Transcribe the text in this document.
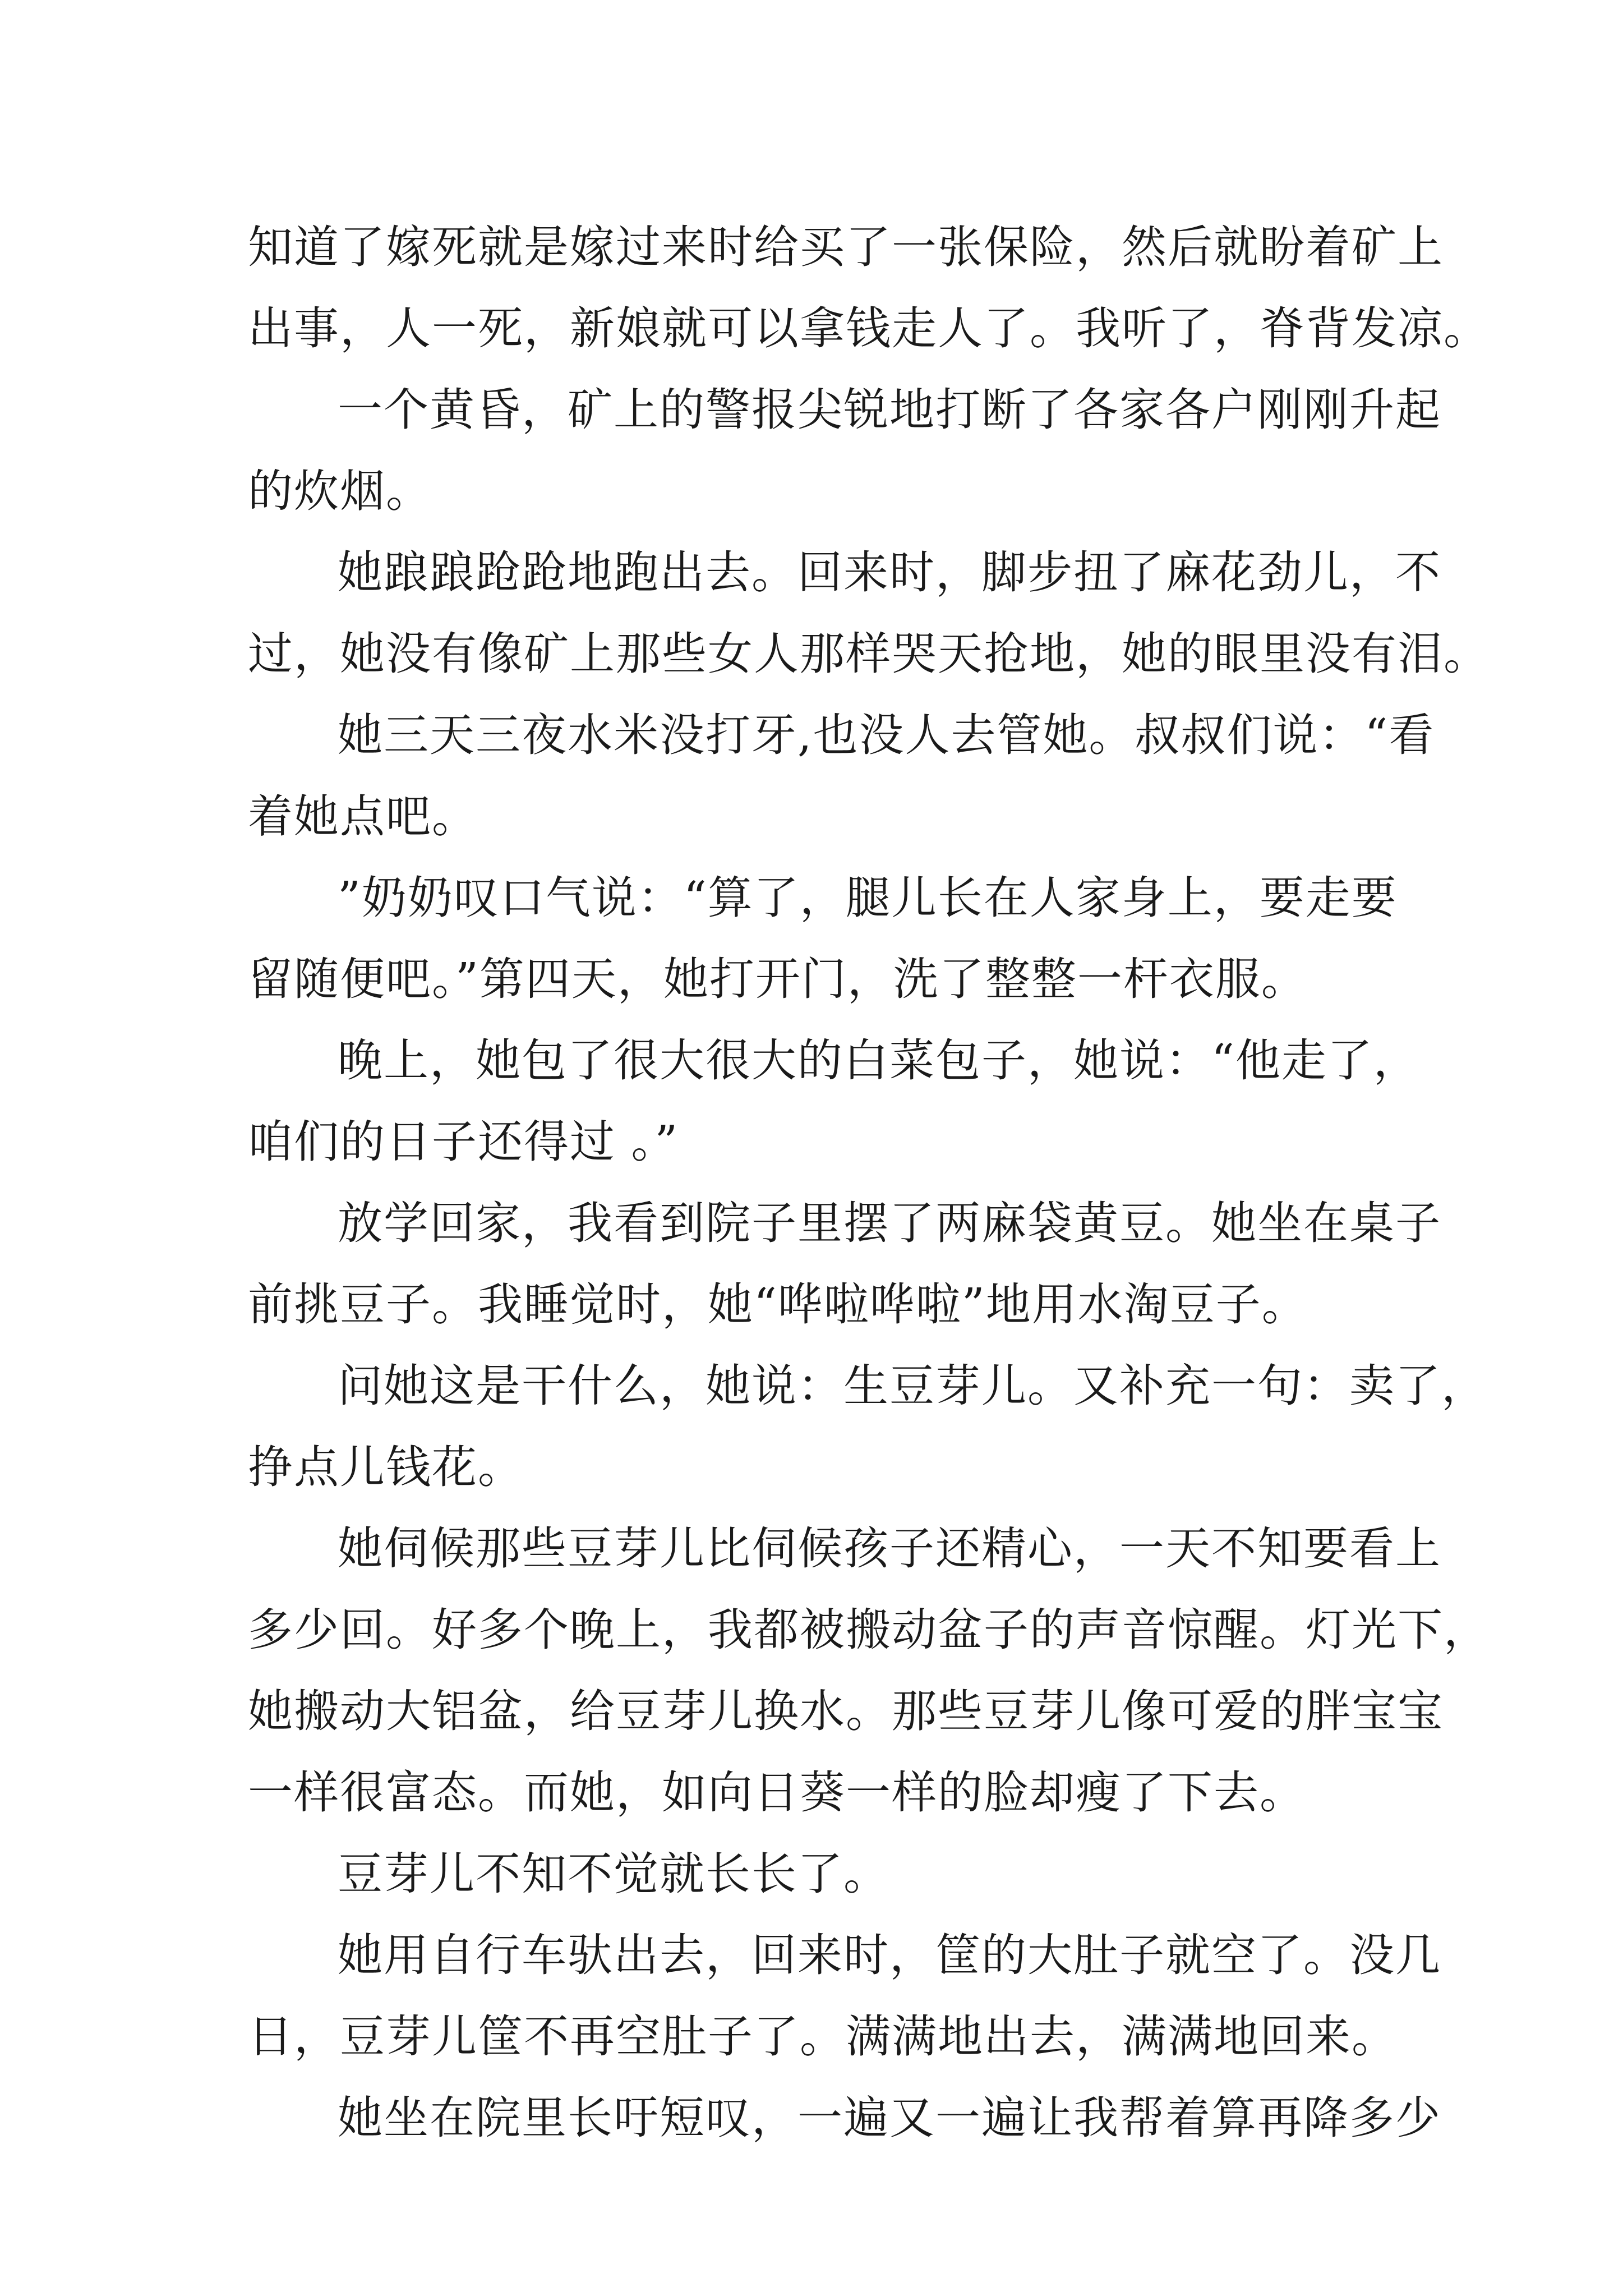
知道了嫁死就是嫁过来时给买了一张保险，然后就盼着矿上
出事，人一死，新娘就可以拿钱走人了。我听了，脊背发凉。
一个黄昏，矿上的警报尖锐地打断了各家各户刚刚升起
的炊烟。
她踉踉跄跄地跑出去。回来时，脚步扭了麻花劲儿，不
过，她没有像矿上那些女人那样哭天抢地，她的眼里没有泪。
她三天三夜水米没打牙,也没人去管她。叔叔们说：“看
着她点吧。
”奶奶叹口气说：“算了，腿儿长在人家身上，要走要
留随便吧。”第四天，她打开门，洗了整整一杆衣服。
晚上，她包了很大很大的白菜包子，她说：“他走了，
咱们的日子还得过 。”
放学回家，我看到院子里摆了两麻袋黄豆。她坐在桌子
前挑豆子。我睡觉时，她“哗啦哗啦”地用水淘豆子。
问她这是干什么，她说：生豆芽儿。又补充一句：卖了，
挣点儿钱花。
她伺候那些豆芽儿比伺候孩子还精心，一天不知要看上
多少回。好多个晚上，我都被搬动盆子的声音惊醒。灯光下，
她搬动大铝盆，给豆芽儿换水。那些豆芽儿像可爱的胖宝宝
一样很富态。而她，如向日葵一样的脸却瘦了下去。
豆芽儿不知不觉就长长了。
她用自行车驮出去，回来时，筐的大肚子就空了。没几
日，豆芽儿筐不再空肚子了。满满地出去，满满地回来。
她坐在院里长吁短叹，一遍又一遍让我帮着算再降多少
